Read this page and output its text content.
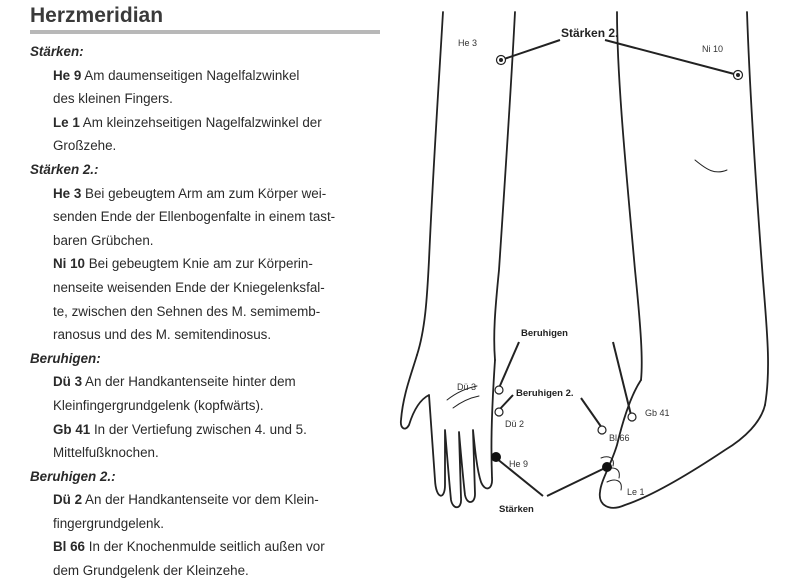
Herzmeridian
Stärken:
He 9 Am daumenseitigen Nagelfalzwinkel
des kleinen Fingers.
Le 1 Am kleinzehseitigen Nagelfalzwinkel der
Großzehe.
Stärken 2.:
He 3 Bei gebeugtem Arm am zum Körper wei-
senden Ende der Ellenbogenfalte in einem tast-
baren Grübchen.
Ni 10 Bei gebeugtem Knie am zur Körperin-
nenseite weisenden Ende der Kniegelenksfal-
te, zwischen den Sehnen des M. semimemb-
ranosus und des M. semitendinosus.
Beruhigen:
Dü 3 An der Handkantenseite hinter dem
Kleinfingergrundgelenk (kopfwärts).
Gb 41 In der Vertiefung zwischen 4. und 5.
Mittelfußknochen.
Beruhigen 2.:
Dü 2 An der Handkantenseite vor dem Klein-
fingergrundgelenk.
Bl 66 In der Knochenmulde seitlich außen vor
dem Grundgelenk der Kleinzehe.
Stärken 2.
He 3
Ni 10
Beruhigen
Beruhigen 2.
Dü 3
Dü 2
Gb 41
Bl 66
He 9
Le 1
Stärken
